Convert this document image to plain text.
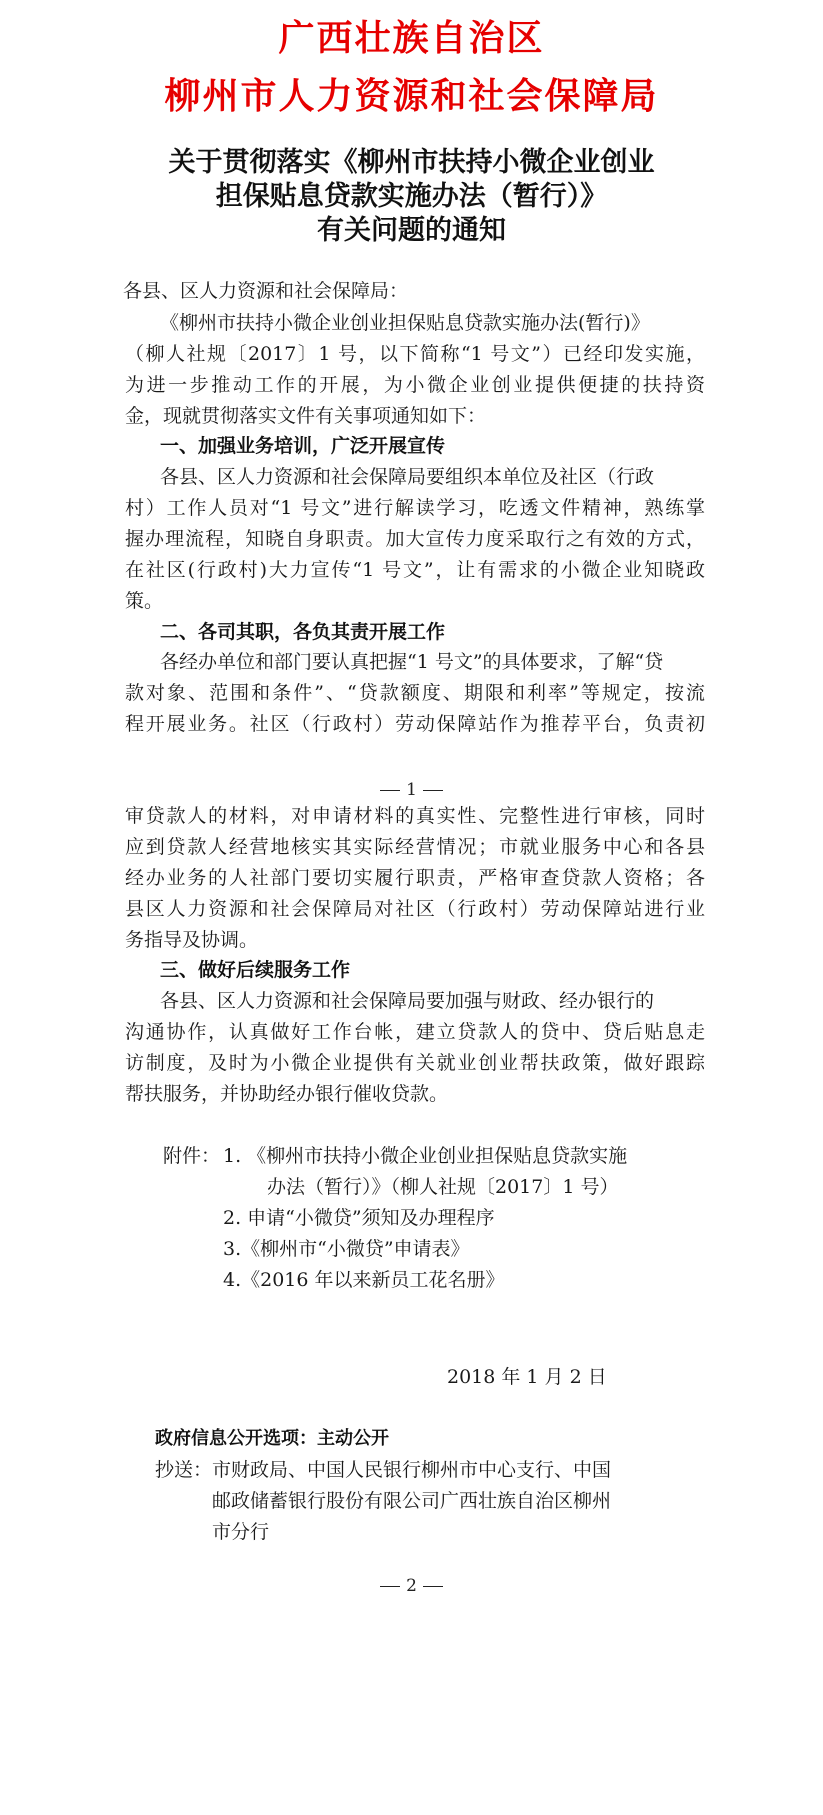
广西壮族自治区
柳州市人力资源和社会保障局
关于贯彻落实《柳州市扶持小微企业创业
担保贴息贷款实施办法（暂行）》
有关问题的通知
各县、区人力资源和社会保障局：
《柳州市扶持小微企业创业担保贴息贷款实施办法(暂行)》
（柳人社规〔2017〕1 号，以下简称“1 号文”）已经印发实施，
为进一步推动工作的开展，为小微企业创业提供便捷的扶持资
金，现就贯彻落实文件有关事项通知如下：
一、加强业务培训，广泛开展宣传
各县、区人力资源和社会保障局要组织本单位及社区（行政
村）工作人员对“1 号文”进行解读学习，吃透文件精神，熟练掌
握办理流程，知晓自身职责。加大宣传力度采取行之有效的方式，
在社区(行政村)大力宣传“1 号文”，让有需求的小微企业知晓政
策。
二、各司其职，各负其责开展工作
各经办单位和部门要认真把握“1 号文”的具体要求，了解“贷
款对象、范围和条件”、“贷款额度、期限和利率”等规定，按流
程开展业务。社区（行政村）劳动保障站作为推荐平台，负责初
1
审贷款人的材料，对申请材料的真实性、完整性进行审核，同时
应到贷款人经营地核实其实际经营情况；市就业服务中心和各县
经办业务的人社部门要切实履行职责，严格审查贷款人资格；各
县区人力资源和社会保障局对社区（行政村）劳动保障站进行业
务指导及协调。
三、做好后续服务工作
各县、区人力资源和社会保障局要加强与财政、经办银行的
沟通协作，认真做好工作台帐，建立贷款人的贷中、贷后贴息走
访制度，及时为小微企业提供有关就业创业帮扶政策，做好跟踪
帮扶服务，并协助经办银行催收贷款。
附件： 1. 《柳州市扶持小微企业创业担保贴息贷款实施
办法（暂行）》（柳人社规〔2017〕1 号）
2. 申请“小微贷”须知及办理程序
3.《柳州市“小微贷”申请表》
4.《2016 年以来新员工花名册》
2018 年 1 月 2 日
政府信息公开选项：主动公开
抄送： 市财政局、中国人民银行柳州市中心支行、中国
邮政储蓄银行股份有限公司广西壮族自治区柳州
市分行
2
